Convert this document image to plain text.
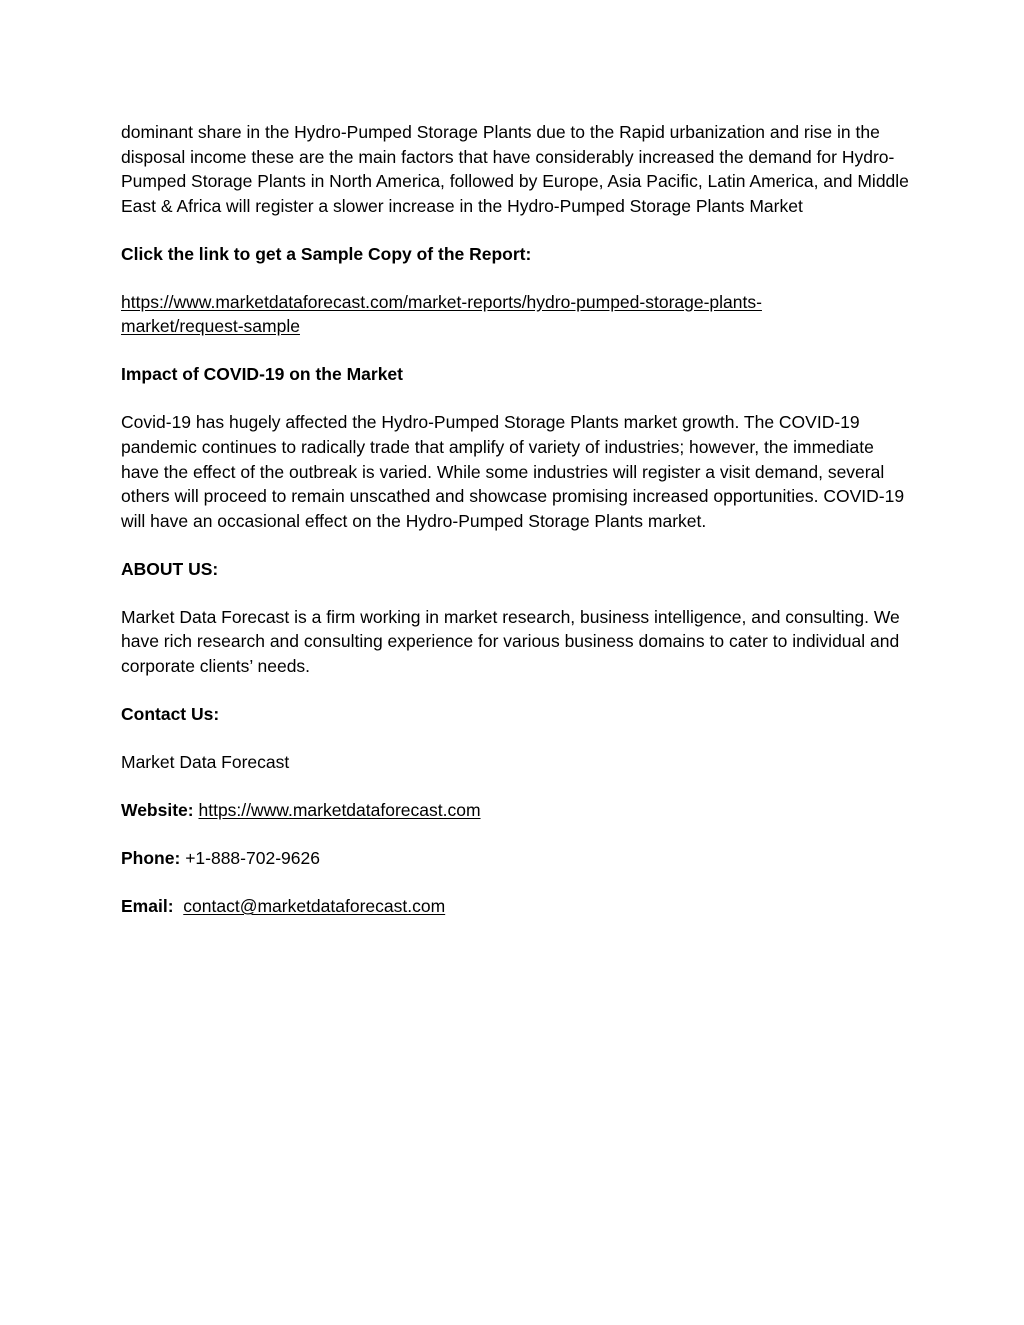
dominant share in the Hydro-Pumped Storage Plants due to the Rapid urbanization and rise in the disposal income these are the main factors that have considerably increased the demand for Hydro-Pumped Storage Plants in North America, followed by Europe, Asia Pacific, Latin America, and Middle East & Africa will register a slower increase in the Hydro-Pumped Storage Plants Market

Click the link to get a Sample Copy of the Report:

https://www.marketdataforecast.com/market-reports/hydro-pumped-storage-plants-
market/request-sample

Impact of COVID-19 on the Market

Covid-19 has hugely affected the Hydro-Pumped Storage Plants market growth. The COVID-19 pandemic continues to radically trade that amplify of variety of industries; however, the immediate have the effect of the outbreak is varied. While some industries will register a visit demand, several others will proceed to remain unscathed and showcase promising increased opportunities. COVID-19 will have an occasional effect on the Hydro-Pumped Storage Plants market.

ABOUT US:

Market Data Forecast is a firm working in market research, business intelligence, and consulting. We have rich research and consulting experience for various business domains to cater to individual and corporate clients’ needs.

Contact Us:

Market Data Forecast

Website: https://www.marketdataforecast.com

Phone: +1-888-702-9626

Email: contact@marketdataforecast.com
